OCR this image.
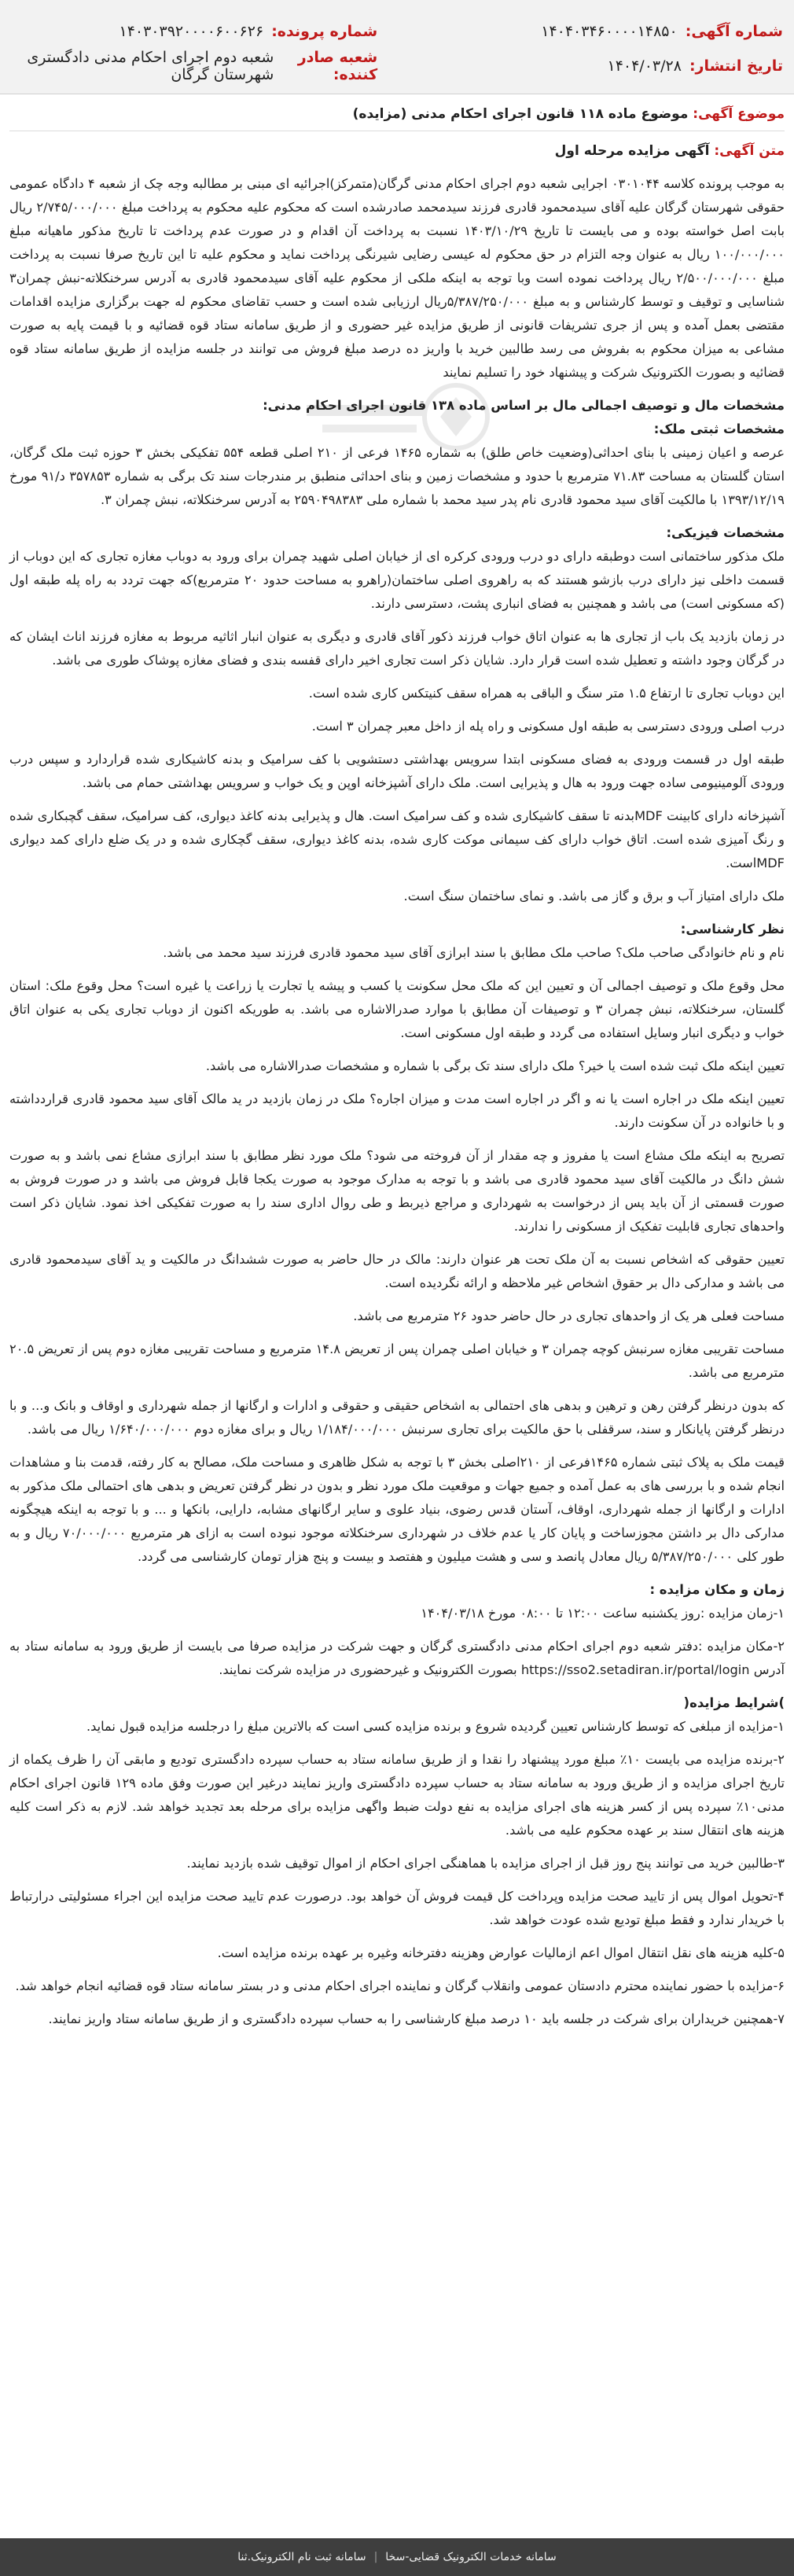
شماره آگهی:
۱۴۰۴۰۳۴۶۰۰۰۰۱۴۸۵۰
شماره پرونده:
۱۴۰۳۰۳۹۲۰۰۰۰۶۰۰۶۲۶
تاریخ انتشار:
۱۴۰۴/۰۳/۲۸
شعبه صادر کننده:
شعبه دوم اجرای احکام مدنی دادگستری شهرستان گرگان

موضوع آگهی: موضوع ماده ۱۱۸ قانون اجرای احکام مدنی (مزایده)

متن آگهی: آگهی مزایده مرحله اول

به موجب پرونده کلاسه ۰۳۰۱۰۴۴ اجرایی شعبه دوم اجرای احکام مدنی گرگان(متمرکز)اجرائیه ای مبنی بر مطالبه وجه چک از شعبه ۴ دادگاه عمومی حقوقی شهرستان گرگان علیه آقای سیدمحمود قادری فرزند سیدمحمد صادرشده است که محکوم علیه محکوم به پرداخت مبلغ ۲/۷۴۵/۰۰۰/۰۰۰ ریال بابت اصل خواسته بوده و می بایست تا تاریخ ۱۴۰۳/۱۰/۲۹ نسبت به پرداخت آن اقدام و در صورت عدم پرداخت تا تاریخ مذکور ماهیانه مبلغ ۱۰۰/۰۰۰/۰۰۰ ریال به عنوان وجه التزام در حق محکوم له عیسی رضایی شیرنگی پرداخت نماید و محکوم علیه تا این تاریخ صرفا نسبت به پرداخت مبلغ ۲/۵۰۰/۰۰۰/۰۰۰ ریال پرداخت نموده است وبا توجه به اینکه ملکی از محکوم علیه آقای سیدمحمود قادری به آدرس سرخنکلاته-نبش چمران۳ شناسایی و توقیف و توسط کارشناس و به مبلغ ۵/۳۸۷/۲۵۰/۰۰۰ریال ارزیابی شده است و حسب تقاضای محکوم له جهت برگزاری مزایده اقدامات مقتضی بعمل آمده و پس از جری تشریفات قانونی از طریق مزایده غیر حضوری و از طریق سامانه ستاد قوه قضائیه و با قیمت پایه به صورت مشاعی به میزان محکوم به بفروش می رسد طالبین خرید با واریز ده درصد مبلغ فروش می توانند در جلسه مزایده از طریق سامانه ستاد قوه قضائیه و بصورت الکترونیک شرکت و پیشنهاد خود را تسلیم نمایند

مشخصات مال و توصیف اجمالی مال بر اساس ماده ۱۳۸ قانون اجرای احکام مدنی:

مشخصات ثبتی ملک:

عرصه و اعیان زمینی با بنای احداثی(وضعیت خاص طلق) به شماره ۱۴۶۵ فرعی از ۲۱۰ اصلی قطعه ۵۵۴ تفکیکی بخش ۳ حوزه ثبت ملک گرگان، استان گلستان به مساحت ۷۱.۸۳ مترمربع با حدود و مشخصات زمین و بنای احداثی منطبق بر مندرجات سند تک برگی به شماره ۳۵۷۸۵۳ د/۹۱ مورخ ۱۳۹۳/۱۲/۱۹ با مالکیت آقای سید محمود قادری نام پدر سید محمد با شماره ملی ۲۵۹۰۴۹۸۳۸۳ به آدرس سرخنکلاته، نبش چمران ۳.

مشخصات فیزیکی:

ملک مذکور ساختمانی است دوطبقه دارای دو درب ورودی کرکره ای از خیابان اصلی شهید چمران برای ورود به دوباب مغازه تجاری که این دوباب از قسمت داخلی نیز دارای درب بازشو هستند که به راهروی اصلی ساختمان(راهرو به مساحت حدود ۲۰ مترمربع)که جهت تردد به راه پله طبقه اول (که مسکونی است) می باشد و همچنین به فضای انباری پشت، دسترسی دارند.

در زمان بازدید یک باب از تجاری ها به عنوان اتاق خواب فرزند ذکور آقای قادری و دیگری به عنوان انبار اثاثیه مربوط به مغازه فرزند اناث ایشان که در گرگان وجود داشته و تعطیل شده است قرار دارد. شایان ذکر است تجاری اخیر دارای قفسه بندی و فضای مغازه پوشاک طوری می باشد.

این دوباب تجاری تا ارتفاع ۱.۵ متر سنگ و الباقی به همراه سقف کنیتکس کاری شده است.

درب اصلی ورودی دسترسی به طبقه اول مسکونی و راه پله از داخل معبر چمران ۳ است.

طبقه اول در قسمت ورودی به فضای مسکونی ابتدا سرویس بهداشتی دستشویی با کف سرامیک و بدنه کاشیکاری شده قراردارد و سپس درب ورودی آلومینیومی ساده جهت ورود به هال و پذیرایی است. ملک دارای آشپزخانه اوپن و یک خواب و سرویس بهداشتی حمام می باشد.

آشپزخانه دارای کابینت MDFبدنه تا سقف کاشیکاری شده و کف سرامیک است. هال و پذیرایی بدنه کاغذ دیواری، کف سرامیک، سقف گچبکاری شده و رنگ آمیزی شده است. اتاق خواب دارای کف سیمانی موکت کاری شده، بدنه کاغذ دیواری، سقف گچکاری شده و در یک ضلع دارای کمد دیواری MDFاست.

ملک دارای امتیاز آب و برق و گاز می باشد. و نمای ساختمان سنگ است.

نظر کارشناسی:

نام و نام خانوادگی صاحب ملک؟ صاحب ملک مطابق با سند ابرازی آقای سید محمود قادری فرزند سید محمد می باشد.

محل وقوع ملک و توصیف اجمالی آن و تعیین این که ملک محل سکونت یا کسب و پیشه یا تجارت یا زراعت یا غیره است؟ محل وقوع ملک: استان گلستان، سرخنکلاته، نبش چمران ۳ و توصیفات آن مطابق با موارد صدرالاشاره می باشد. به طوریکه اکنون از دوباب تجاری یکی به عنوان اتاق خواب و دیگری انبار وسایل استفاده می گردد و طبقه اول مسکونی است.

تعیین اینکه ملک ثبت شده است یا خیر؟ ملک دارای سند تک برگی با شماره و مشخصات صدرالاشاره می باشد.

تعیین اینکه ملک در اجاره است یا نه و اگر در اجاره است مدت و میزان اجاره؟ ملک در زمان بازدید در ید مالک آقای سید محمود قادری قراردداشته و با خانواده در آن سکونت دارند.

تصریح به اینکه ملک مشاع است یا مفروز و چه مقدار از آن فروخته می شود؟ ملک مورد نظر مطابق با سند ابرازی مشاع نمی باشد و به صورت شش دانگ در مالکیت آقای سید محمود قادری می باشد و با توجه به مدارک موجود به صورت یکجا قابل فروش می باشد و در صورت فروش به صورت قسمتی از آن باید پس از درخواست به شهرداری و مراجع ذیربط و طی روال اداری سند را به صورت تفکیکی اخذ نمود. شایان ذکر است واحدهای تجاری قابلیت تفکیک از مسکونی را ندارند.

تعیین حقوقی که اشخاص نسبت به آن ملک تحت هر عنوان دارند: مالک در حال حاضر به صورت ششدانگ در مالکیت و ید آقای سیدمحمود قادری می باشد و مدارکی دال بر حقوق اشخاص غیر ملاحظه و ارائه نگردیده است.

مساحت فعلی هر یک از واحدهای تجاری در حال حاضر حدود ۲۶ مترمربع می باشد.

مساحت تقریبی مغازه سرنبش کوچه چمران ۳ و خیابان اصلی چمران پس از تعریض ۱۴.۸ مترمربع و مساحت تقریبی مغازه دوم پس از تعریض ۲۰.۵ مترمربع می باشد.

که بدون درنظر گرفتن رهن و ترهین و بدهی های احتمالی به اشخاص حقیقی و حقوقی و ادارات و ارگانها از جمله شهرداری و اوقاف و بانک و... و با درنظر گرفتن پایانکار و سند، سرقفلی با حق مالکیت برای تجاری سرنبش ۱/۱۸۴/۰۰۰/۰۰۰ ریال و برای مغازه دوم ۱/۶۴۰/۰۰۰/۰۰۰ ریال می باشد.

قیمت ملک به پلاک ثبتی شماره ۱۴۶۵فرعی از ۲۱۰اصلی بخش ۳ با توجه به شکل ظاهری و مساحت ملک، مصالح به کار رفته، قدمت بنا و مشاهدات انجام شده و با بررسی های به عمل آمده و جمیع جهات و موقعیت ملک مورد نظر و بدون در نظر گرفتن تعریض و بدهی های احتمالی ملک مذکور به ادارات و ارگانها از جمله شهرداری، اوقاف، آستان قدس رضوی، بنیاد علوی و سایر ارگانهای مشابه، دارایی، بانکها و ... و با توجه به اینکه هیچگونه مدارکی دال بر داشتن مجوزساخت و پایان کار یا عدم خلاف در شهرداری سرخنکلاته موجود نبوده است به ازای هر مترمربع ۷۰/۰۰۰/۰۰۰ ریال و به طور کلی ۵/۳۸۷/۲۵۰/۰۰۰ ریال معادل پانصد و سی و هشت میلیون و هفتصد و بیست و پنج هزار تومان کارشناسی می گردد.

زمان و مکان مزایده :

۱-زمان مزایده :روز یکشنبه ساعت ۱۲:۰۰ تا ۰۸:۰۰ مورخ ۱۴۰۴/۰۳/۱۸

۲-مکان مزایده :دفتر شعبه دوم اجرای احکام مدنی دادگستری گرگان و جهت شرکت در مزایده صرفا می بایست از طریق ورود به سامانه ستاد به آدرس https://sso2.setadiran.ir/portal/login بصورت الکترونیک و غیرحضوری در مزایده شرکت نمایند.

)شرایط مزایده(

۱-مزایده از مبلغی که توسط کارشناس تعیین گردیده شروع و برنده مزایده کسی است که بالاترین مبلغ را درجلسه مزایده قبول نماید.

۲-برنده مزایده می بایست ۱۰٪ مبلغ مورد پیشنهاد را نقدا و از طریق سامانه ستاد به حساب سپرده دادگستری تودیع و مابقی آن را ظرف یکماه از تاریخ اجرای مزایده و از طریق ورود به سامانه ستاد به حساب سپرده دادگستری واریز نمایند درغیر این صورت وفق ماده ۱۲۹ قانون اجرای احکام مدنی۱۰٪ سپرده پس از کسر هزینه های اجرای مزایده به نفع دولت ضبط واگهی مزایده برای مرحله بعد تجدید خواهد شد. لازم به ذکر است کلیه هزینه های انتقال سند بر عهده محکوم علیه می باشد.

۳-طالبین خرید می توانند پنج روز قبل از اجرای مزایده با هماهنگی اجرای احکام از اموال توقیف شده بازدید نمایند.

۴-تحویل اموال پس از تایید صحت مزایده وپرداخت کل قیمت فروش آن خواهد بود. درصورت عدم تایید صحت مزایده این اجراء مسئولیتی درارتباط با خریدار ندارد و فقط مبلغ تودیع شده عودت خواهد شد.

۵-کلیه هزینه های نقل انتقال اموال اعم ازمالیات عوارض وهزینه دفترخانه وغیره بر عهده برنده مزایده است.

۶-مزایده با حضور نماینده محترم دادستان عمومی وانقلاب گرگان و نماینده اجرای احکام مدنی و در بستر سامانه ستاد قوه قضائیه انجام خواهد شد.

۷-همچنین خریداران برای شرکت در جلسه باید ۱۰ درصد مبلغ کارشناسی را به حساب سپرده دادگستری و از طریق سامانه ستاد واریز نمایند.

سامانه خدمات الکترونیک قضایی-سخا
|
سامانه ثبت نام الکترونیک.ثنا
